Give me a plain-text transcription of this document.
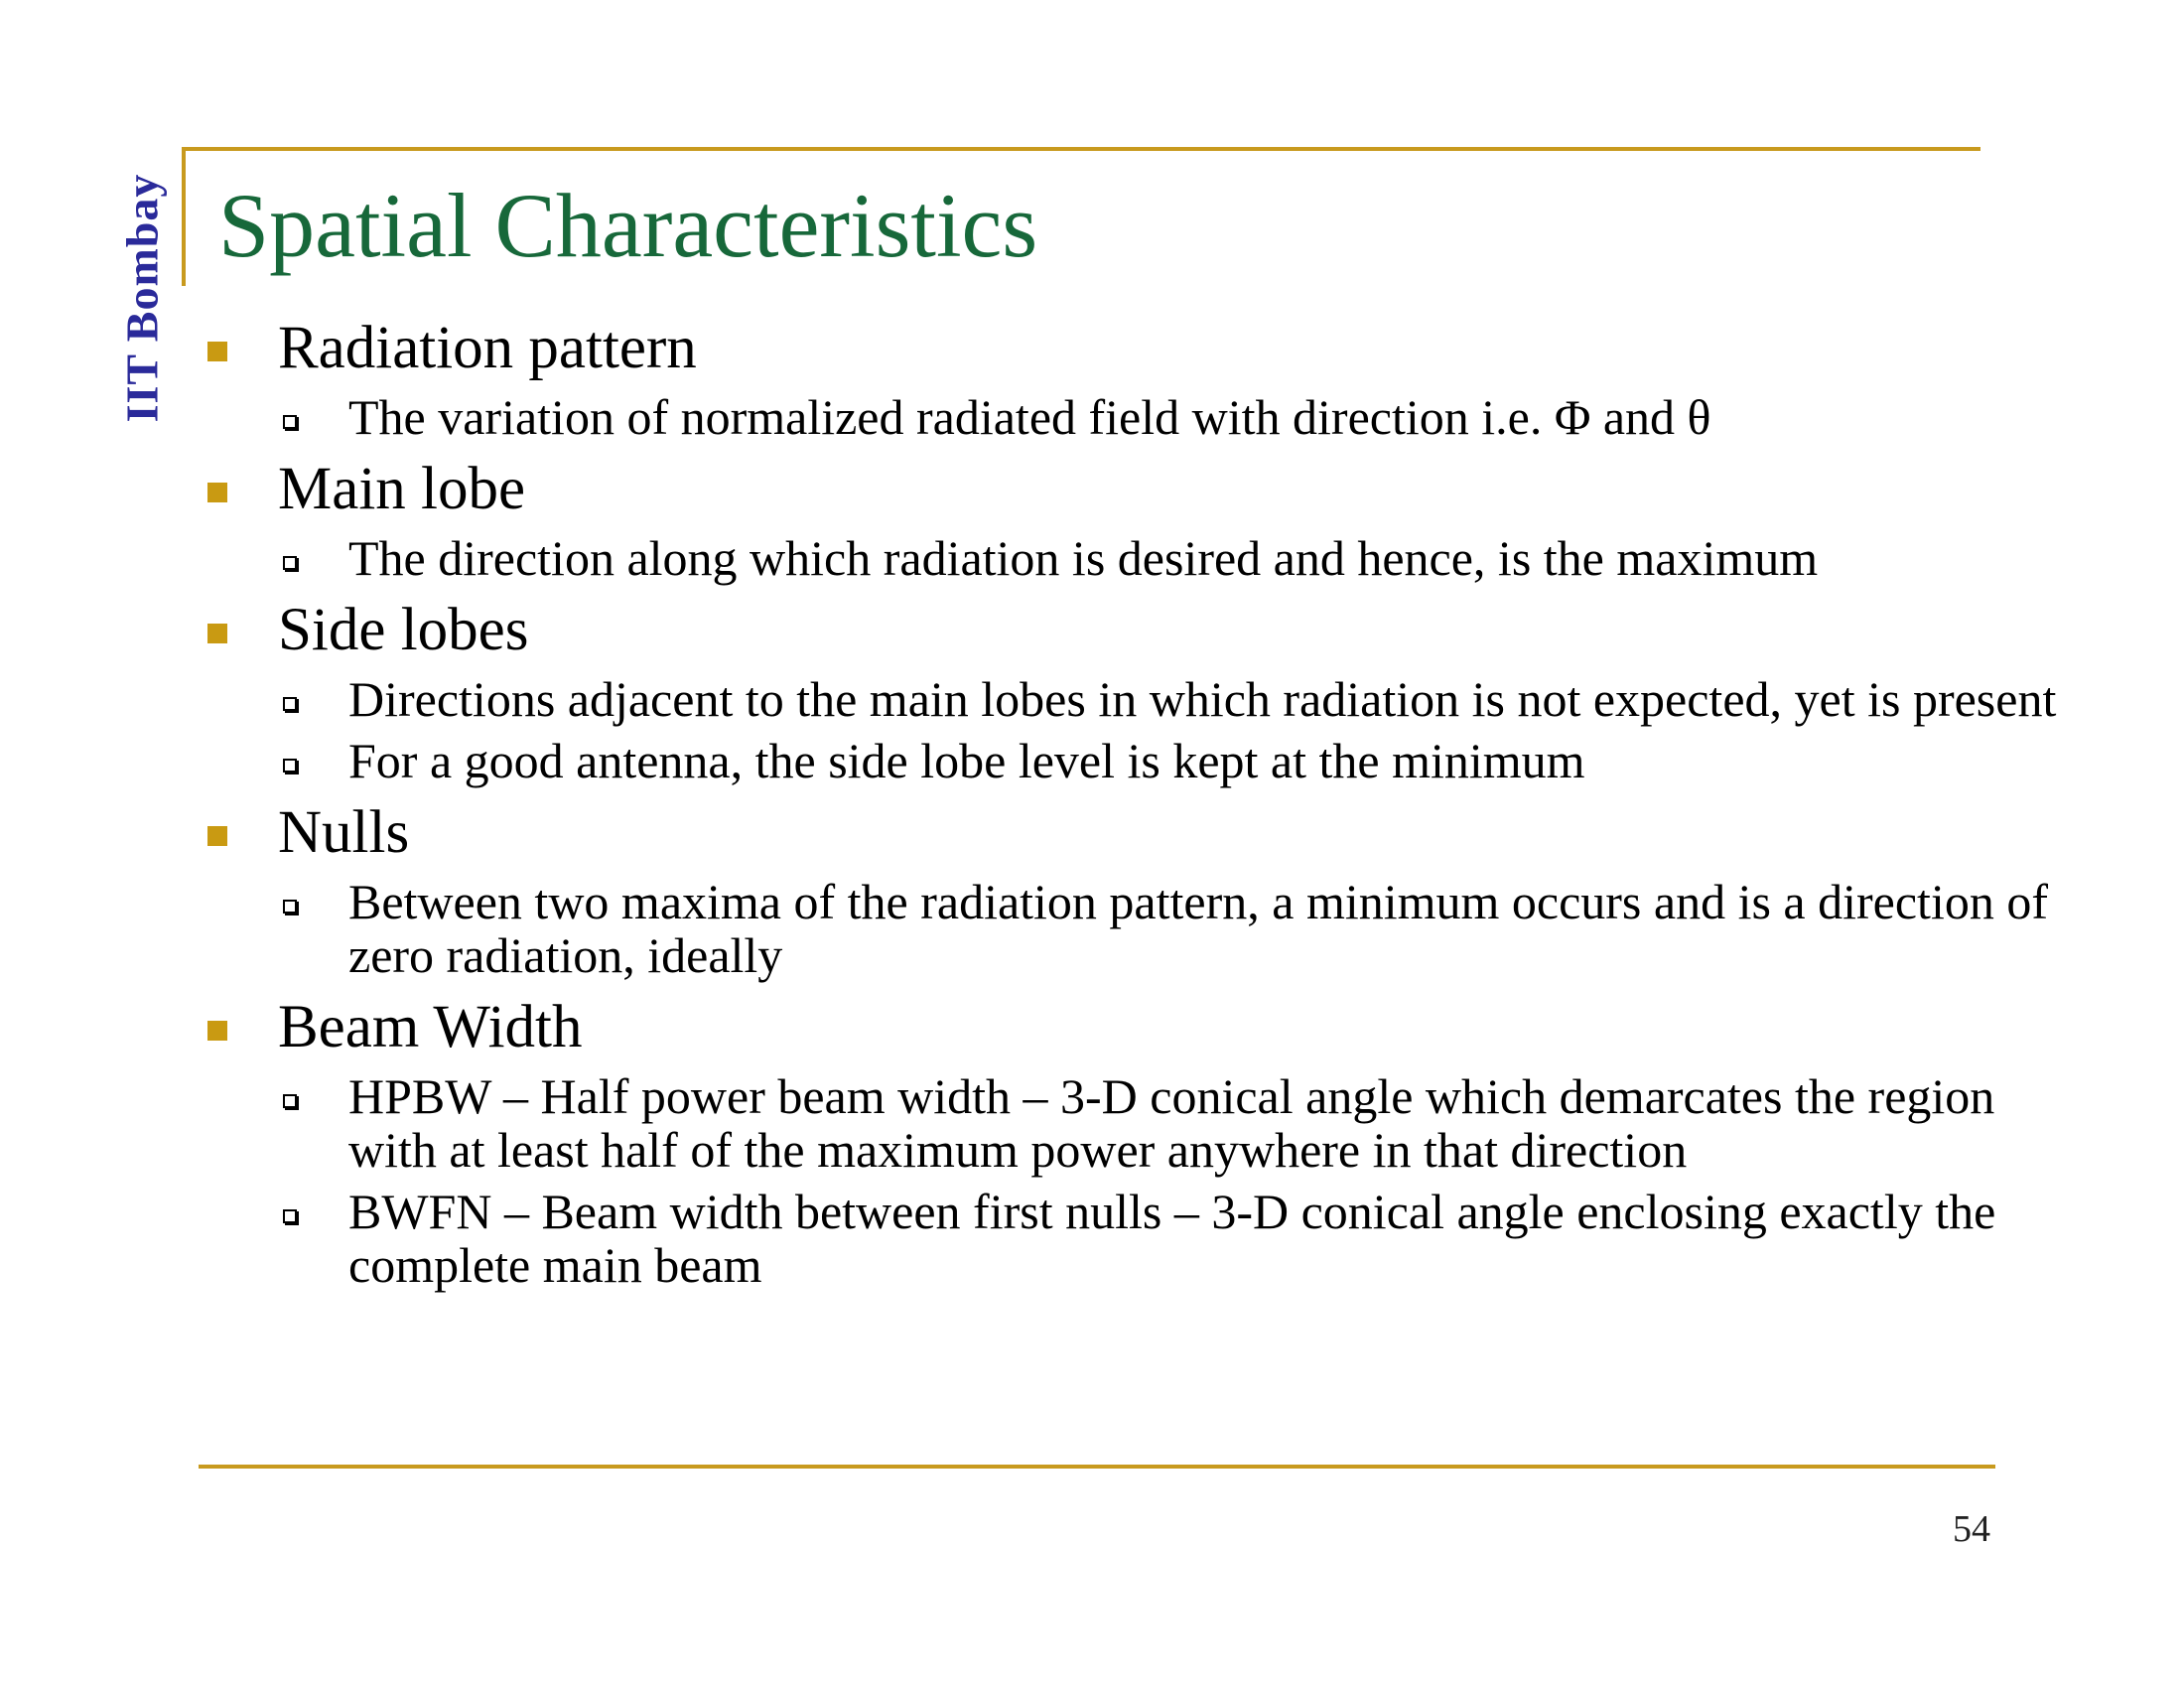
IIT Bombay Spatial Characteristics
Radiation pattern
The variation of normalized radiated field with direction i.e. Φ and θ
Main lobe
The direction along which radiation is desired and hence, is the maximum
Side lobes
Directions adjacent to the main lobes in which radiation is not expected, yet is present
For a good antenna, the side lobe level is kept at the minimum
Nulls
Between two maxima of the radiation pattern, a minimum occurs and is a direction of zero radiation, ideally
Beam Width
HPBW – Half power beam width – 3-D conical angle which demarcates the region with at least half of the maximum power anywhere in that direction
BWFN – Beam width between first nulls – 3-D conical angle enclosing exactly the complete main beam
54
